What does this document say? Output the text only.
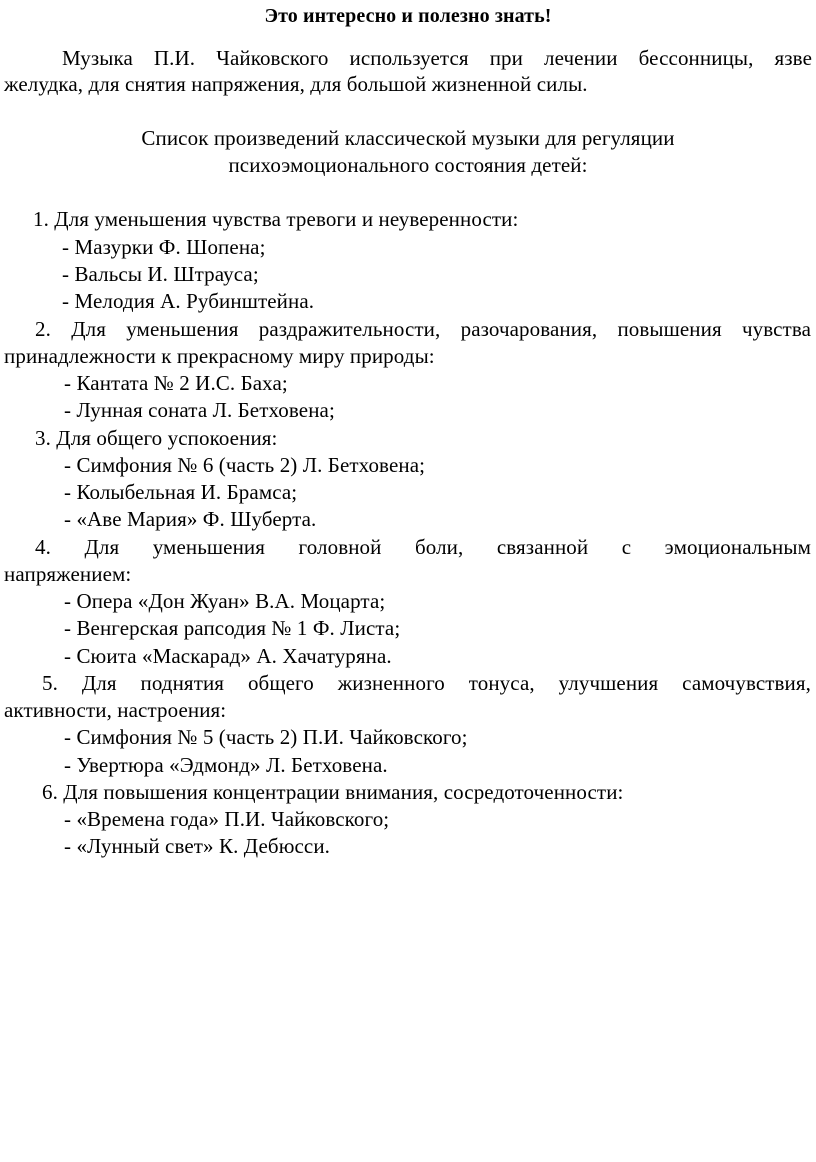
Это интересно и полезно знать!
Музыка П.И. Чайковского используется при лечении бессонницы, язве
желудка, для снятия напряжения, для большой жизненной силы.
Список произведений классической музыки для регуляции
психоэмоционального состояния детей:
1. Для уменьшения чувства тревоги и неуверенности:
- Мазурки Ф. Шопена;
- Вальсы И. Штрауса;
- Мелодия А. Рубинштейна.
2. Для уменьшения раздражительности, разочарования, повышения чувства
принадлежности к прекрасному миру природы:
- Кантата № 2 И.С. Баха;
- Лунная соната Л. Бетховена;
3. Для общего успокоения:
- Симфония № 6 (часть 2) Л. Бетховена;
- Колыбельная И. Брамса;
- «Аве Мария» Ф. Шуберта.
4. Для уменьшения головной боли, связанной с эмоциональным
напряжением:
- Опера «Дон Жуан» В.А. Моцарта;
- Венгерская рапсодия № 1 Ф. Листа;
- Сюита «Маскарад» А. Хачатуряна.
5. Для поднятия общего жизненного тонуса, улучшения самочувствия,
активности, настроения:
- Симфония № 5 (часть 2) П.И. Чайковского;
- Увертюра «Эдмонд» Л. Бетховена.
6. Для повышения концентрации внимания, сосредоточенности:
- «Времена года» П.И. Чайковского;
- «Лунный свет» К. Дебюсси.
